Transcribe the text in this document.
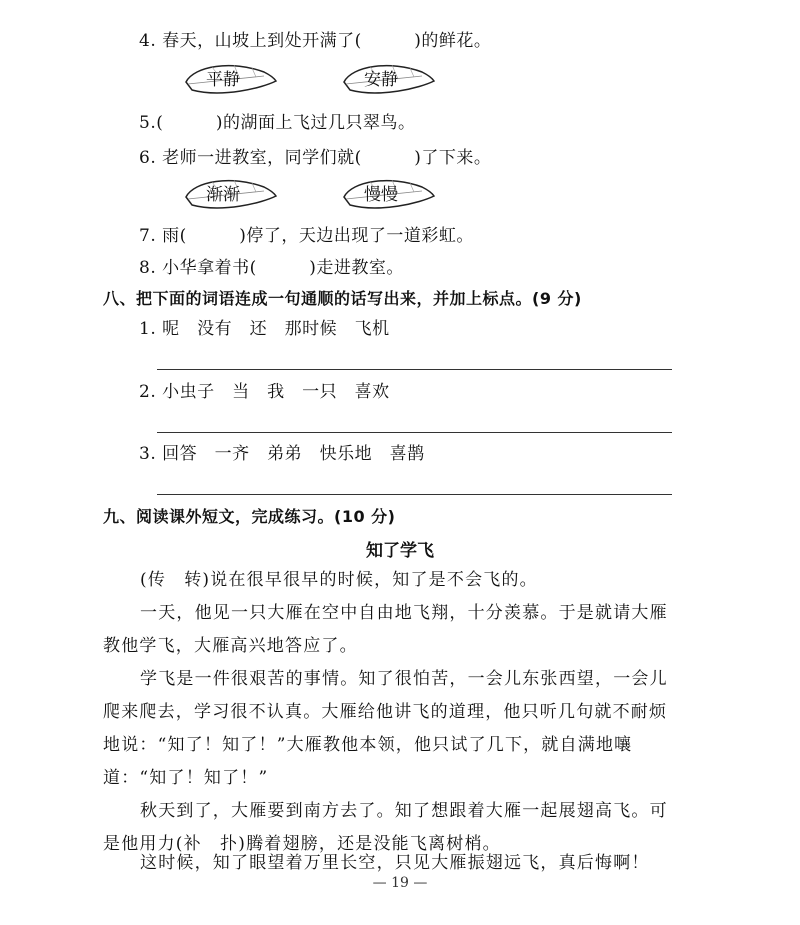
4. 春天，山坡上到处开满了(　　　)的鲜花。
平静	安静
5.(　　　)的湖面上飞过几只翠鸟。
6. 老师一进教室，同学们就(　　　)了下来。
渐渐	慢慢
7. 雨(　　　)停了，天边出现了一道彩虹。
8. 小华拿着书(　　　)走进教室。
八、把下面的词语连成一句通顺的话写出来，并加上标点。(9 分)
1. 呢　没有　还　那时候　飞机
2. 小虫子　当　我　一只　喜欢
3. 回答　一齐　弟弟　快乐地　喜鹊
九、阅读课外短文，完成练习。(10 分)
知了学飞
(传　转)说在很早很早的时候，知了是不会飞的。
一天，他见一只大雁在空中自由地飞翔，十分羡慕。于是就请大雁教他学飞，大雁高兴地答应了。
学飞是一件很艰苦的事情。知了很怕苦，一会儿东张西望，一会儿爬来爬去，学习很不认真。大雁给他讲飞的道理，他只听几句就不耐烦地说：“知了！知了！”大雁教他本领，他只试了几下，就自满地嚷道：“知了！知了！”
秋天到了，大雁要到南方去了。知了想跟着大雁一起展翅高飞。可是他用力(补　扑)腾着翅膀，还是没能飞离树梢。
这时候，知了眼望着万里长空，只见大雁振翅远飞，真后悔啊！
— 19 —
